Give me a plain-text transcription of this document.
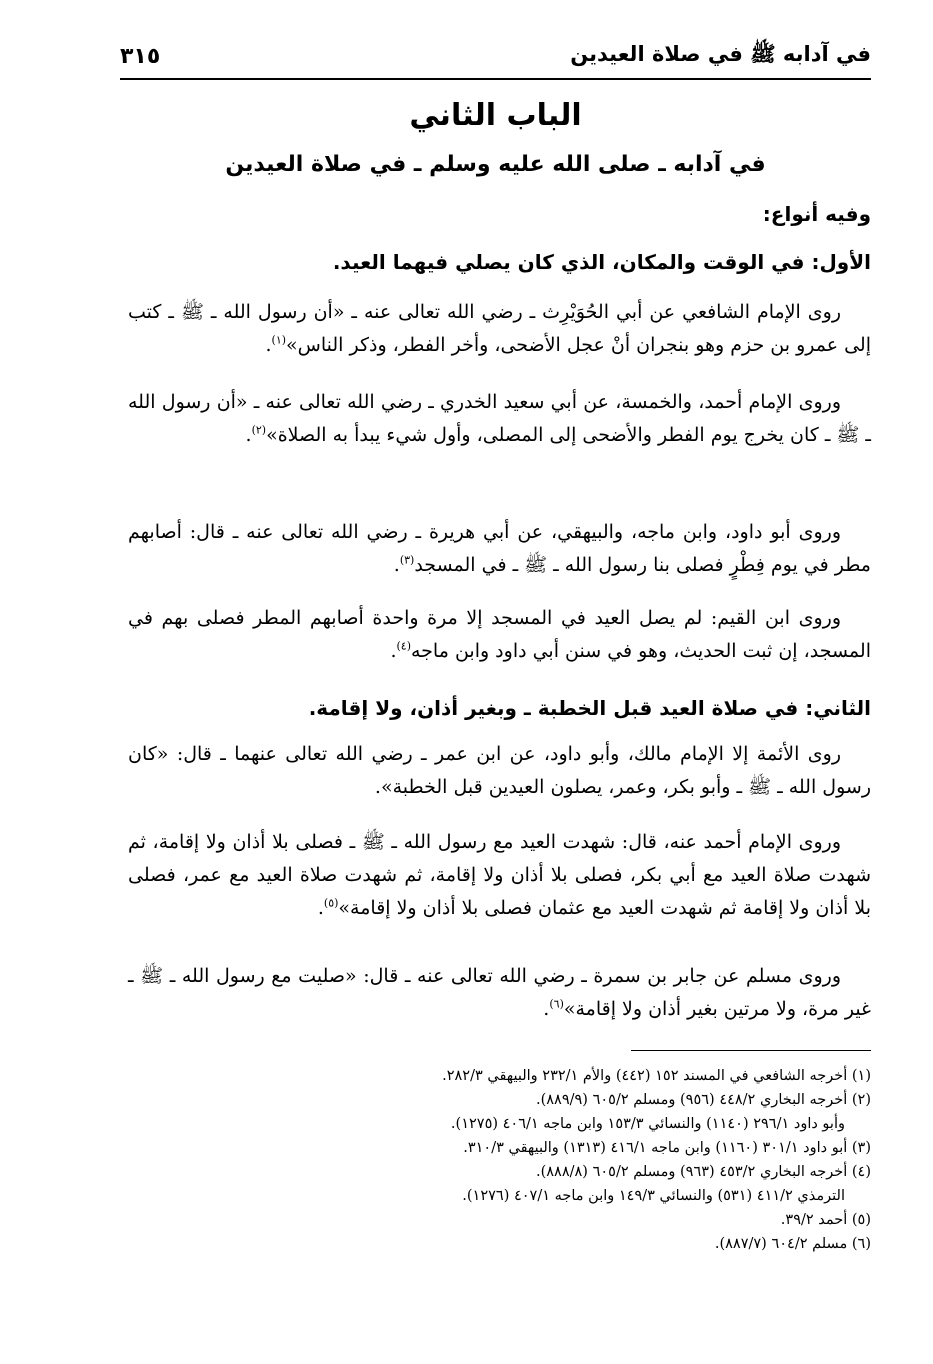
٣١٥	في آدابه ﷺ في صلاة العيدين
الباب الثاني
في آدابه ـ صلى الله عليه وسلم ـ في صلاة العيدين
وفيه أنواع:
الأول: في الوقت والمكان، الذي كان يصلي فيهما العيد.
روى الإمام الشافعي عن أبي الحُوَيْرِث ـ رضي الله تعالى عنه ـ «أن رسول الله ـ ﷺ ـ كتب إلى عمرو بن حزم وهو بنجران أنْ عجل الأضحى، وأخر الفطر، وذكر الناس»$^{(١)}$.
وروى الإمام أحمد، والخمسة، عن أبي سعيد الخدري ـ رضي الله تعالى عنه ـ «أن رسول الله ـ ﷺ ـ كان يخرج يوم الفطر والأضحى إلى المصلى، وأول شيء يبدأ به الصلاة»$^{(٢)}$.
وروى أبو داود، وابن ماجه، والبيهقي، عن أبي هريرة ـ رضي الله تعالى عنه ـ قال: أصابهم مطر في يوم فِطْرٍ فصلى بنا رسول الله ـ ﷺ ـ في المسجد$^{(٣)}$.
وروى ابن القيم: لم يصل العيد في المسجد إلا مرة واحدة أصابهم المطر فصلى بهم في المسجد، إن ثبت الحديث، وهو في سنن أبي داود وابن ماجه$^{(٤)}$.
الثاني: في صلاة العيد قبل الخطبة ـ وبغير أذان، ولا إقامة.
روى الأئمة إلا الإمام مالك، وأبو داود، عن ابن عمر ـ رضي الله تعالى عنهما ـ قال: «كان رسول الله ـ ﷺ ـ وأبو بكر، وعمر، يصلون العيدين قبل الخطبة».
وروى الإمام أحمد عنه، قال: شهدت العيد مع رسول الله ـ ﷺ ـ فصلى بلا أذان ولا إقامة، ثم شهدت صلاة العيد مع أبي بكر، فصلى بلا أذان ولا إقامة، ثم شهدت صلاة العيد مع عمر، فصلى بلا أذان ولا إقامة ثم شهدت العيد مع عثمان فصلى بلا أذان ولا إقامة»$^{(٥)}$.
وروى مسلم عن جابر بن سمرة ـ رضي الله تعالى عنه ـ قال: «صليت مع رسول الله ـ ﷺ ـ غير مرة، ولا مرتين بغير أذان ولا إقامة»$^{(٦)}$.
(١) أخرجه الشافعي في المسند ١٥٢ (٤٤٢) والأم ٢٣٢/١ والبيهقي ٢٨٢/٣.
(٢) أخرجه البخاري ٤٤٨/٢ (٩٥٦) ومسلم ٦٠٥/٢ (٨٨٩/٩).
وأبو داود ٢٩٦/١ (١١٤٠) والنسائي ١٥٣/٣ وابن ماجه ٤٠٦/١ (١٢٧٥).
(٣) أبو داود ٣٠١/١ (١١٦٠) وابن ماجه ٤١٦/١ (١٣١٣) والبيهقي ٣١٠/٣.
(٤) أخرجه البخاري ٤٥٣/٢ (٩٦٣) ومسلم ٦٠٥/٢ (٨٨٨/٨).
الترمذي ٤١١/٢ (٥٣١) والنسائي ١٤٩/٣ وابن ماجه ٤٠٧/١ (١٢٧٦).
(٥) أحمد ٣٩/٢.
(٦) مسلم ٦٠٤/٢ (٨٨٧/٧).
